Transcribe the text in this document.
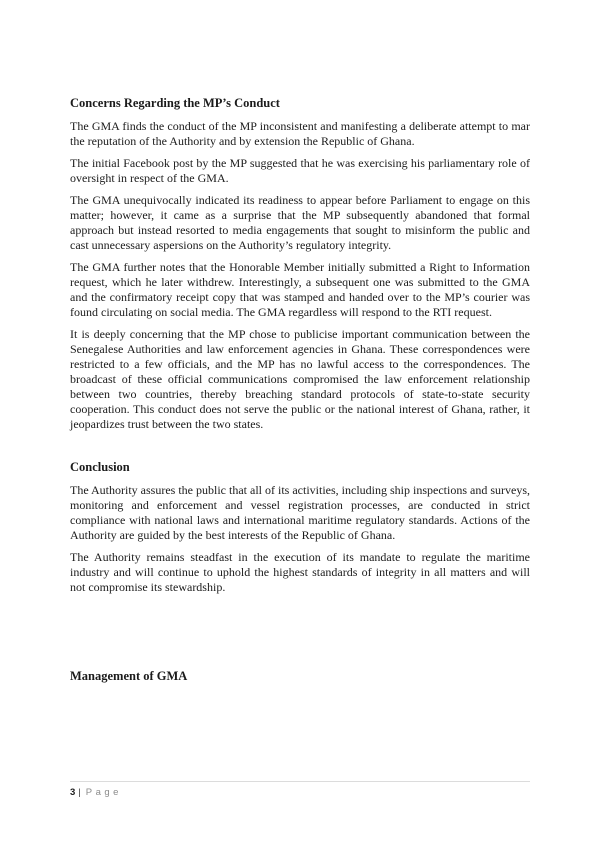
Concerns Regarding the MP’s Conduct

The GMA finds the conduct of the MP inconsistent and manifesting a deliberate attempt to mar the reputation of the Authority and by extension the Republic of Ghana.

The initial Facebook post by the MP suggested that he was exercising his parliamentary role of oversight in respect of the GMA.

The GMA unequivocally indicated its readiness to appear before Parliament to engage on this matter; however, it came as a surprise that the MP subsequently abandoned that formal approach but instead resorted to media engagements that sought to misinform the public and cast unnecessary aspersions on the Authority’s regulatory integrity.

The GMA further notes that the Honorable Member initially submitted a Right to Information request, which he later withdrew. Interestingly, a subsequent one was submitted to the GMA and the confirmatory receipt copy that was stamped and handed over to the MP’s courier was found circulating on social media. The GMA regardless will respond to the RTI request.

It is deeply concerning that the MP chose to publicise important communication between the Senegalese Authorities and law enforcement agencies in Ghana. These correspondences were restricted to a few officials, and the MP has no lawful access to the correspondences. The broadcast of these official communications compromised the law enforcement relationship between two countries, thereby breaching standard protocols of state-to-state security cooperation. This conduct does not serve the public or the national interest of Ghana, rather, it jeopardizes trust between the two states.

Conclusion

The Authority assures the public that all of its activities, including ship inspections and surveys, monitoring and enforcement and vessel registration processes, are conducted in strict compliance with national laws and international maritime regulatory standards. Actions of the Authority are guided by the best interests of the Republic of Ghana.

The Authority remains steadfast in the execution of its mandate to regulate the maritime industry and will continue to uphold the highest standards of integrity in all matters and will not compromise its stewardship.

Management of GMA
3 | Page
